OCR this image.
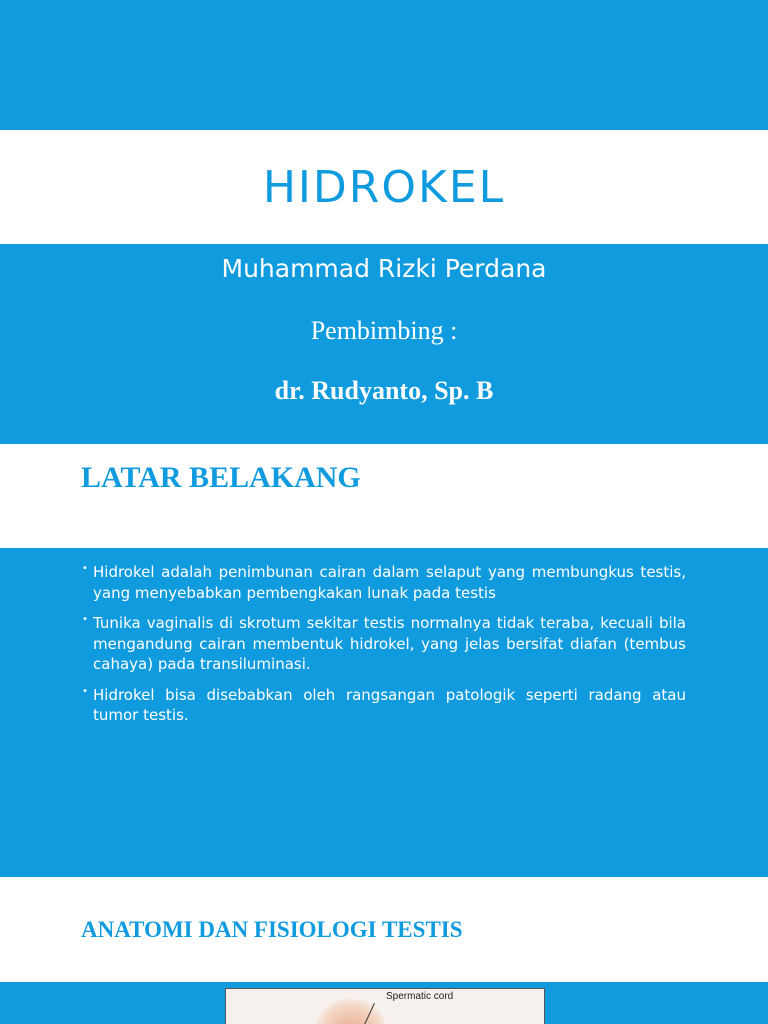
HIDROKEL
Muhammad Rizki Perdana
Pembimbing :
dr. Rudyanto, Sp. B
LATAR BELAKANG
• Hidrokel adalah penimbunan cairan dalam selaput yang membungkus testis, yang menyebabkan pembengkakan lunak pada testis
• Tunika vaginalis di skrotum sekitar testis normalnya tidak teraba, kecuali bila mengandung cairan membentuk hidrokel, yang jelas bersifat diafan (tembus cahaya) pada transiluminasi.
• Hidrokel bisa disebabkan oleh rangsangan patologik seperti radang atau tumor testis.
ANATOMI DAN FISIOLOGI TESTIS
Spermatic cord
